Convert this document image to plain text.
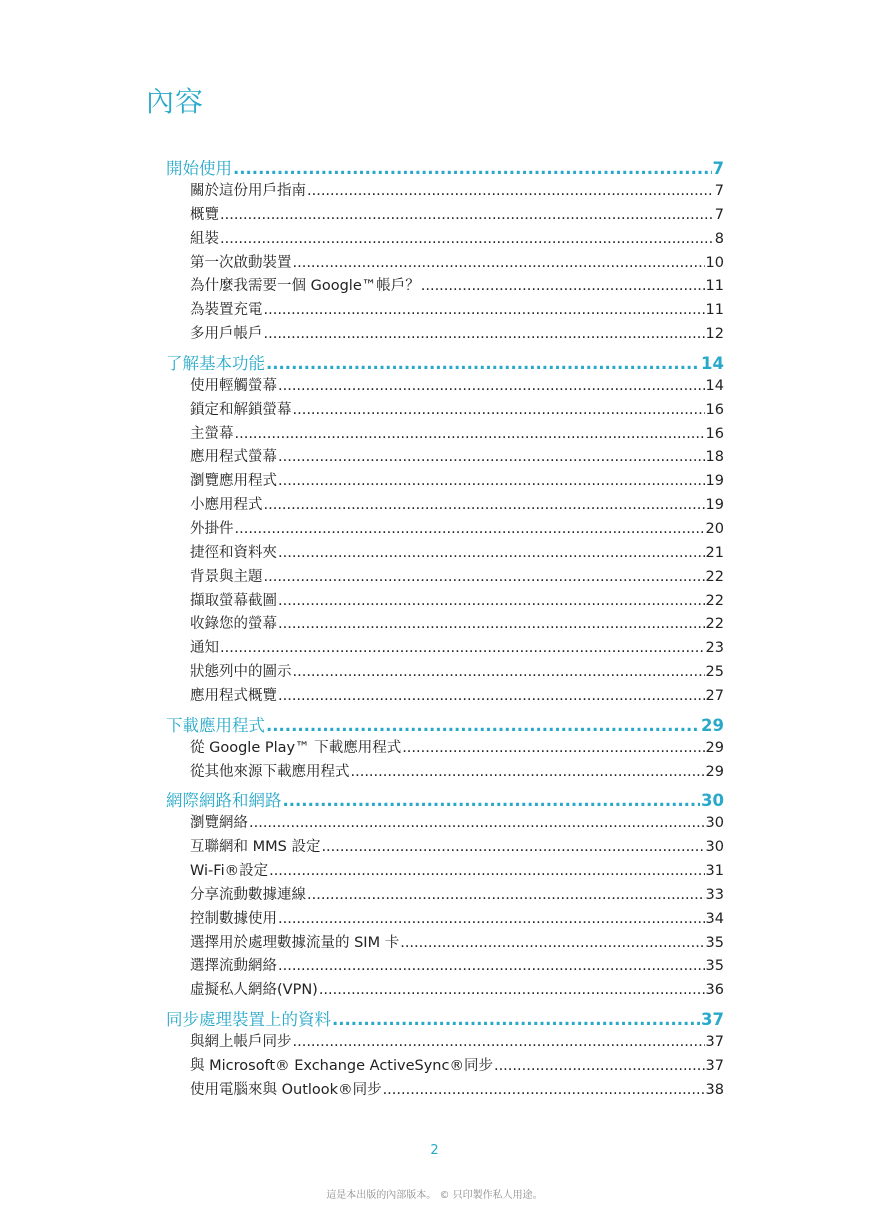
內容
開始使用 .....	7
關於這份用戶指南 .....	7
概覽 .....	7
組裝 .....	8
第一次啟動裝置 .....	10
為什麼我需要一個 Google™帳戶？ .....	11
為裝置充電 .....	11
多用戶帳戶 .....	12
了解基本功能 .....	14
使用輕觸螢幕 .....	14
鎖定和解鎖螢幕 .....	16
主螢幕 .....	16
應用程式螢幕 .....	18
瀏覽應用程式 .....	19
小應用程式 .....	19
外掛件 .....	20
捷徑和資料夾 .....	21
背景與主題 .....	22
擷取螢幕截圖 .....	22
收錄您的螢幕 .....	22
通知 .....	23
狀態列中的圖示 .....	25
應用程式概覽 .....	27
下載應用程式 .....	29
從 Google Play™ 下載應用程式 .....	29
從其他來源下載應用程式 .....	29
網際網路和網路 .....	30
瀏覽網絡 .....	30
互聯網和 MMS 設定 .....	30
Wi-Fi®設定 .....	31
分享流動數據連線 .....	33
控制數據使用 .....	34
選擇用於處理數據流量的 SIM 卡 .....	35
選擇流動網絡 .....	35
虛擬私人網絡(VPN) .....	36
同步處理裝置上的資料 .....	37
與網上帳戶同步 .....	37
與 Microsoft® Exchange ActiveSync®同步 .....	37
使用電腦來與 Outlook®同步 .....	38
2
這是本出版的內部版本。 © 只印製作私人用途。
